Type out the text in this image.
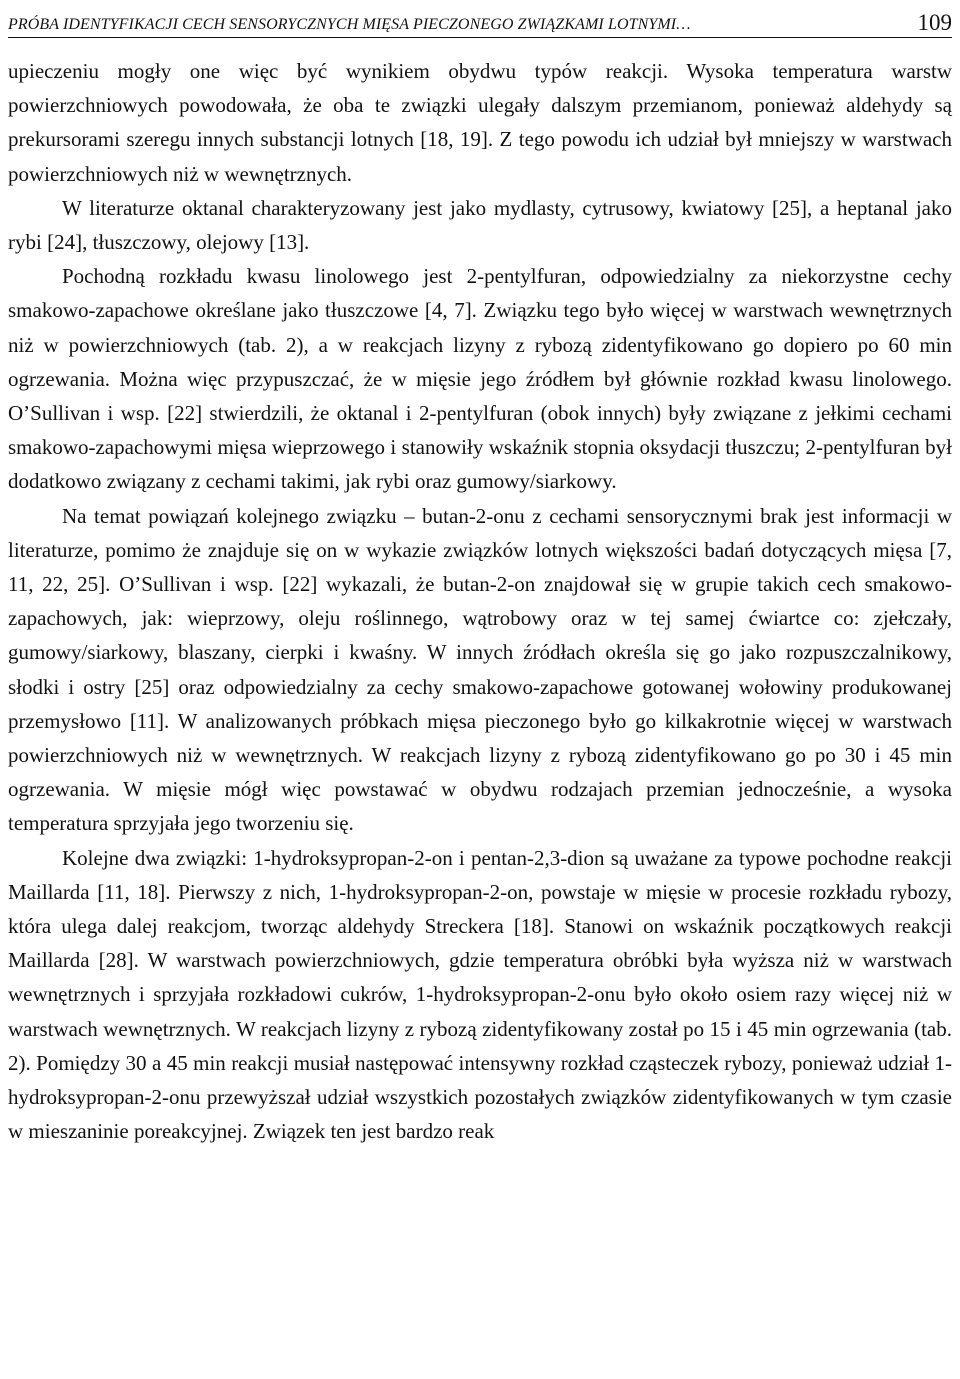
PRÓBA IDENTYFIKACJI CECH SENSORYCZNYCH MIĘSA PIECZONEGO ZWIĄZKAMI LOTNYMI…	109

upieczeniu mogły one więc być wynikiem obydwu typów reakcji. Wysoka temperatura warstw powierzchniowych powodowała, że oba te związki ulegały dalszym przemianom, ponieważ aldehydy są prekursorami szeregu innych substancji lotnych [18, 19]. Z tego powodu ich udział był mniejszy w warstwach powierzchniowych niż w wewnętrznych.

W literaturze oktanal charakteryzowany jest jako mydlasty, cytrusowy, kwiatowy [25], a heptanal jako rybi [24], tłuszczowy, olejowy [13].

Pochodną rozkładu kwasu linolowego jest 2-pentylfuran, odpowiedzialny za niekorzystne cechy smakowo-zapachowe określane jako tłuszczowe [4, 7]. Związku tego było więcej w warstwach wewnętrznych niż w powierzchniowych (tab. 2), a w reakcjach lizyny z rybozą zidentyfikowano go dopiero po 60 min ogrzewania. Można więc przypuszczać, że w mięsie jego źródłem był głównie rozkład kwasu linolowego. O’Sullivan i wsp. [22] stwierdzili, że oktanal i 2-pentylfuran (obok innych) były związane z jełkimi cechami smakowo-zapachowymi mięsa wieprzowego i stanowiły wskaźnik stopnia oksydacji tłuszczu; 2-pentylfuran był dodatkowo związany z cechami takimi, jak rybi oraz gumowy/siarkowy.

Na temat powiązań kolejnego związku – butan-2-onu z cechami sensorycznymi brak jest informacji w literaturze, pomimo że znajduje się on w wykazie związków lotnych większości badań dotyczących mięsa [7, 11, 22, 25]. O’Sullivan i wsp. [22] wykazali, że butan-2-on znajdował się w grupie takich cech smakowo-zapachowych, jak: wieprzowy, oleju roślinnego, wątrobowy oraz w tej samej ćwiartce co: zjełczały, gumowy/siarkowy, blaszany, cierpki i kwaśny. W innych źródłach określa się go jako rozpuszczalnikowy, słodki i ostry [25] oraz odpowiedzialny za cechy smakowo-zapachowe gotowanej wołowiny produkowanej przemysłowo [11]. W analizowanych próbkach mięsa pieczonego było go kilkakrotnie więcej w warstwach powierzchniowych niż w wewnętrznych. W reakcjach lizyny z rybozą zidentyfikowano go po 30 i 45 min ogrzewania. W mięsie mógł więc powstawać w obydwu rodzajach przemian jednocześnie, a wysoka temperatura sprzyjała jego tworzeniu się.

Kolejne dwa związki: 1-hydroksypropan-2-on i pentan-2,3-dion są uważane za typowe pochodne reakcji Maillarda [11, 18]. Pierwszy z nich, 1-hydroksypropan-2-on, powstaje w mięsie w procesie rozkładu rybozy, która ulega dalej reakcjom, tworząc aldehydy Streckera [18]. Stanowi on wskaźnik początkowych reakcji Maillarda [28]. W warstwach powierzchniowych, gdzie temperatura obróbki była wyższa niż w warstwach wewnętrznych i sprzyjała rozkładowi cukrów, 1-hydroksypropan-2-onu było około osiem razy więcej niż w warstwach wewnętrznych. W reakcjach lizyny z rybozą zidentyfikowany został po 15 i 45 min ogrzewania (tab. 2). Pomiędzy 30 a 45 min reakcji musiał następować intensywny rozkład cząsteczek rybozy, ponieważ udział 1-hydroksypropan-2-onu przewyższał udział wszystkich pozostałych związków zidentyfikowanych w tym czasie w mieszaninie poreakcyjnej. Związek ten jest bardzo reak
